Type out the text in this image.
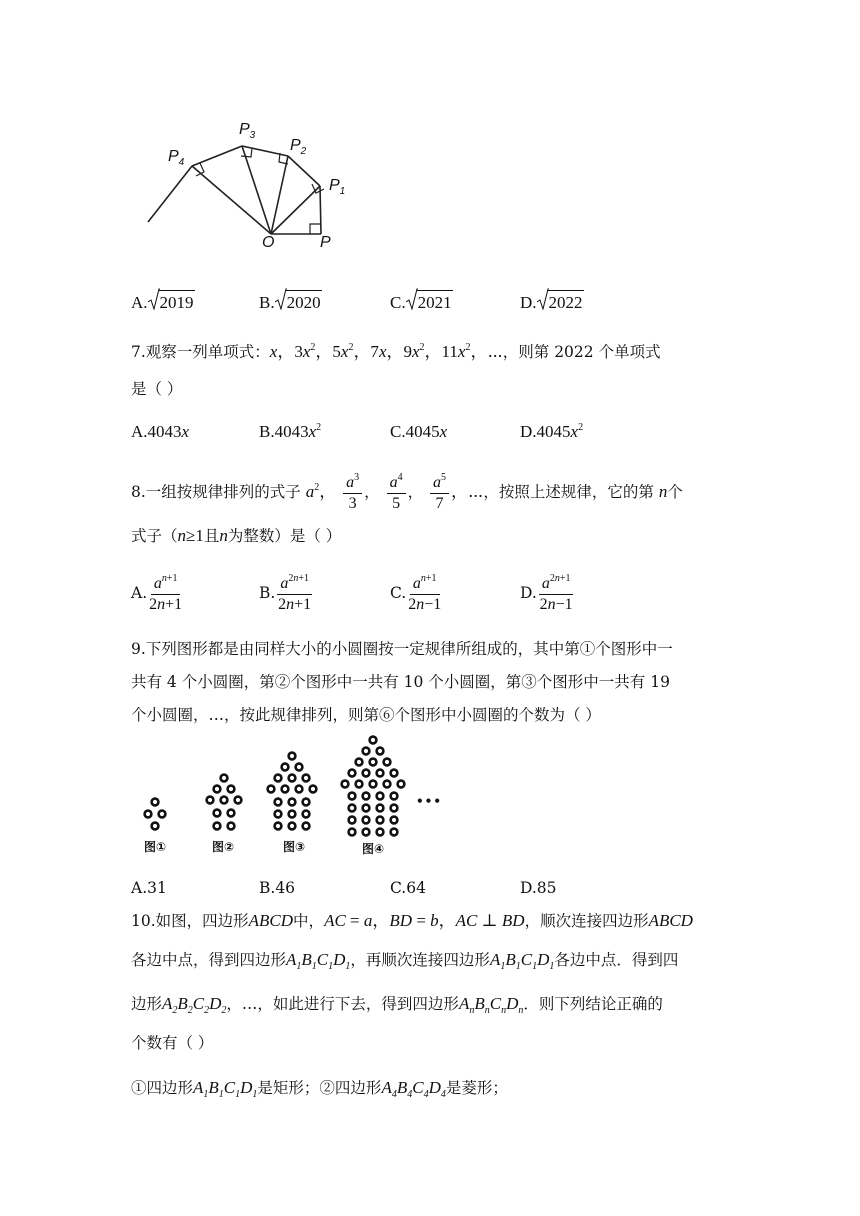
$P_4$
$P_3$
$P_2$
$P_1$
O	P
A. 2019	B. 2020	C. 2021	D. 2022
7.观察一列单项式：x，$3x^2$，$5x^2$，7x，$9x^2$，$11x^2$，⋯，则第 2022 个单项式
是（ ）
A.4043x	$B.4043x^2$	C.4045x	$D.4045x^2$
8.一组按规律排列的式子 $a^2$， $\frac{a^3}{3}$ ， $\frac{a^4}{5}$ ， $\frac{a^5}{7}$ ，⋯，按照上述规律，它的第 n个
式子（n≥1且n为整数）是（ ）
A. $\frac{a^{n+1}}{2n+1}$	B. $\frac{a^{2n+1}}{2n+1}$	C. $\frac{a^{n+1}}{2n-1}$	D. $\frac{a^{2n+1}}{2n-1}$
9.下列图形都是由同样大小的小圆圈按一定规律所组成的，其中第①个图形中一
共有 4 个小圆圈，第②个图形中一共有 10 个小圆圈，第③个图形中一共有 19
个小圆圈，…，按此规律排列，则第⑥个图形中小圆圈的个数为（ ）
图①	图②	图③	图④
•••
A.31	B.46	C.64	D.85
10.如图，四边形ABCD中，AC = a，BD = b，AC ⊥ BD，顺次连接四边形ABCD
各边中点，得到四边形$A_1B_1C_1D_1$，再顺次连接四边形$A_1B_1C_1D_1$各边中点．得到四
边形$A_2B_2C_2D_2$，…，如此进行下去，得到四边形$A_nB_nC_nD_n$．则下列结论正确的
个数有（ ）
①四边形$A_1B_1C_1D_1$是矩形；②四边形$A_4B_4C_4D_4$是菱形；
